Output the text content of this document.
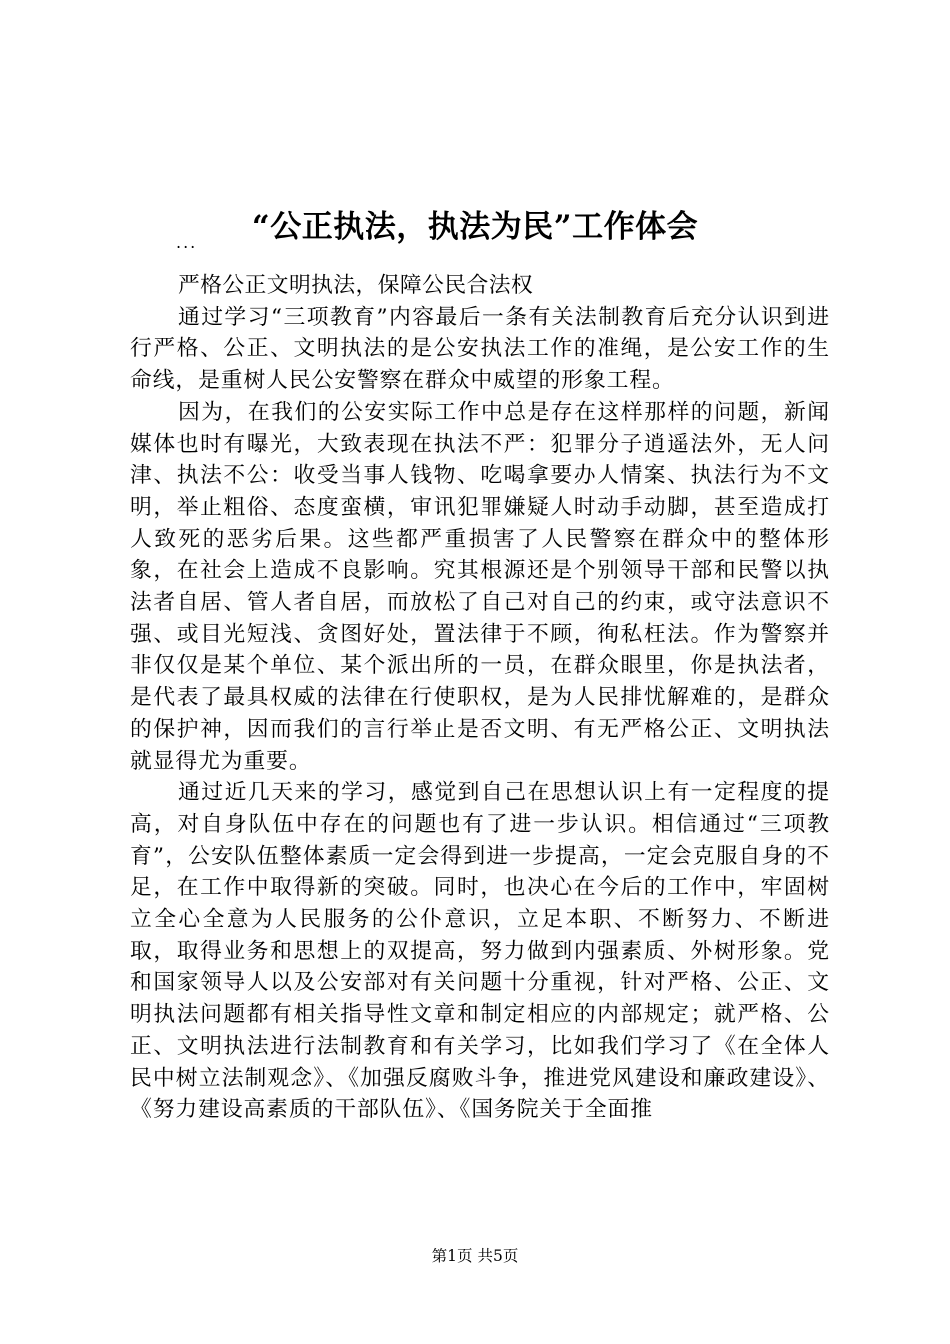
“公正执法，执法为民”工作体会
...

严格公正文明执法，保障公民合法权

通过学习“三项教育”内容最后一条有关法制教育后充分认识到进行严格、公正、文明执法的是公安执法工作的准绳，是公安工作的生命线，是重树人民公安警察在群众中威望的形象工程。

因为，在我们的公安实际工作中总是存在这样那样的问题，新闻媒体也时有曝光，大致表现在执法不严：犯罪分子逍遥法外，无人问津、执法不公：收受当事人钱物、吃喝拿要办人情案、执法行为不文明，举止粗俗、态度蛮横，审讯犯罪嫌疑人时动手动脚，甚至造成打人致死的恶劣后果。这些都严重损害了人民警察在群众中的整体形象，在社会上造成不良影响。究其根源还是个别领导干部和民警以执法者自居、管人者自居，而放松了自己对自己的约束，或守法意识不强、或目光短浅、贪图好处，置法律于不顾，徇私枉法。作为警察并非仅仅是某个单位、某个派出所的一员，在群众眼里，你是执法者，是代表了最具权威的法律在行使职权，是为人民排忧解难的，是群众的保护神，因而我们的言行举止是否文明、有无严格公正、文明执法就显得尤为重要。

通过近几天来的学习，感觉到自己在思想认识上有一定程度的提高，对自身队伍中存在的问题也有了进一步认识。相信通过“三项教育”，公安队伍整体素质一定会得到进一步提高，一定会克服自身的不足，在工作中取得新的突破。同时，也决心在今后的工作中，牢固树立全心全意为人民服务的公仆意识，立足本职、不断努力、不断进取，取得业务和思想上的双提高，努力做到内强素质、外树形象。党和国家领导人以及公安部对有关问题十分重视，针对严格、公正、文明执法问题都有相关指导性文章和制定相应的内部规定；就严格、公正、文明执法进行法制教育和有关学习，比如我们学习了《在全体人民中树立法制观念》、《加强反腐败斗争，推进党风建设和廉政建设》、《努力建设高素质的干部队伍》、《国务院关于全面推

第1页 共5页
